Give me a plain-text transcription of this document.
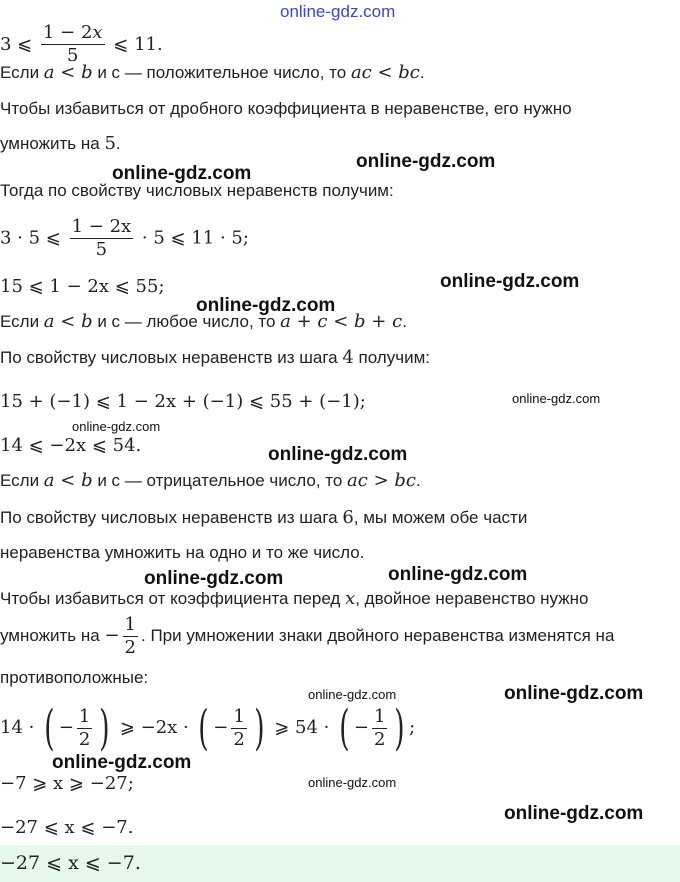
online-gdz.com
3 ⩽ $\frac{1 - 2x}{5}$ ⩽ 11.
Если a < b и c — положительное число, то ac < bc.
Чтобы избавиться от дробного коэффициента в неравенстве, его нужно
умножить на 5.
Тогда по свойству числовых неравенств получим:
3 · 5 ⩽ $\frac{1 - 2x}{5} \cdot 5$ ⩽ 11 · 5;
15 ⩽ 1 − 2x ⩽ 55;
Если a < b и c — любое число, то a + c < b + c.
По свойству числовых неравенств из шага 4 получим:
15 + (−1) ⩽ 1 − 2x + (−1) ⩽ 55 + (−1);
14 ⩽ −2x ⩽ 54.
Если a < b и c — отрицательное число, то ac > bc.
По свойству числовых неравенств из шага 6, мы можем обе части
неравенства умножить на одно и то же число.
Чтобы избавиться от коэффициента перед x, двойное неравенство нужно
умножить на − $\frac{1}{2}$ . При умножении знаки двойного неравенства изменятся на
противоположные:
14 · ( − $\frac{1}{2}$ ) ⩾ −2x · ( − $\frac{1}{2}$ ) ⩾ 54 · ( − $\frac{1}{2}$ ) ;
−7 ⩾ x ⩾ −27;
−27 ⩽ x ⩽ −7.
−27 ⩽ x ⩽ −7.
online-gdz.com
online-gdz.com
online-gdz.com
online-gdz.com
online-gdz.com
online-gdz.com
online-gdz.com
online-gdz.com	online-gdz.com
online-gdz.com	online-gdz.com
online-gdz.com
online-gdz.com
online-gdz.com
